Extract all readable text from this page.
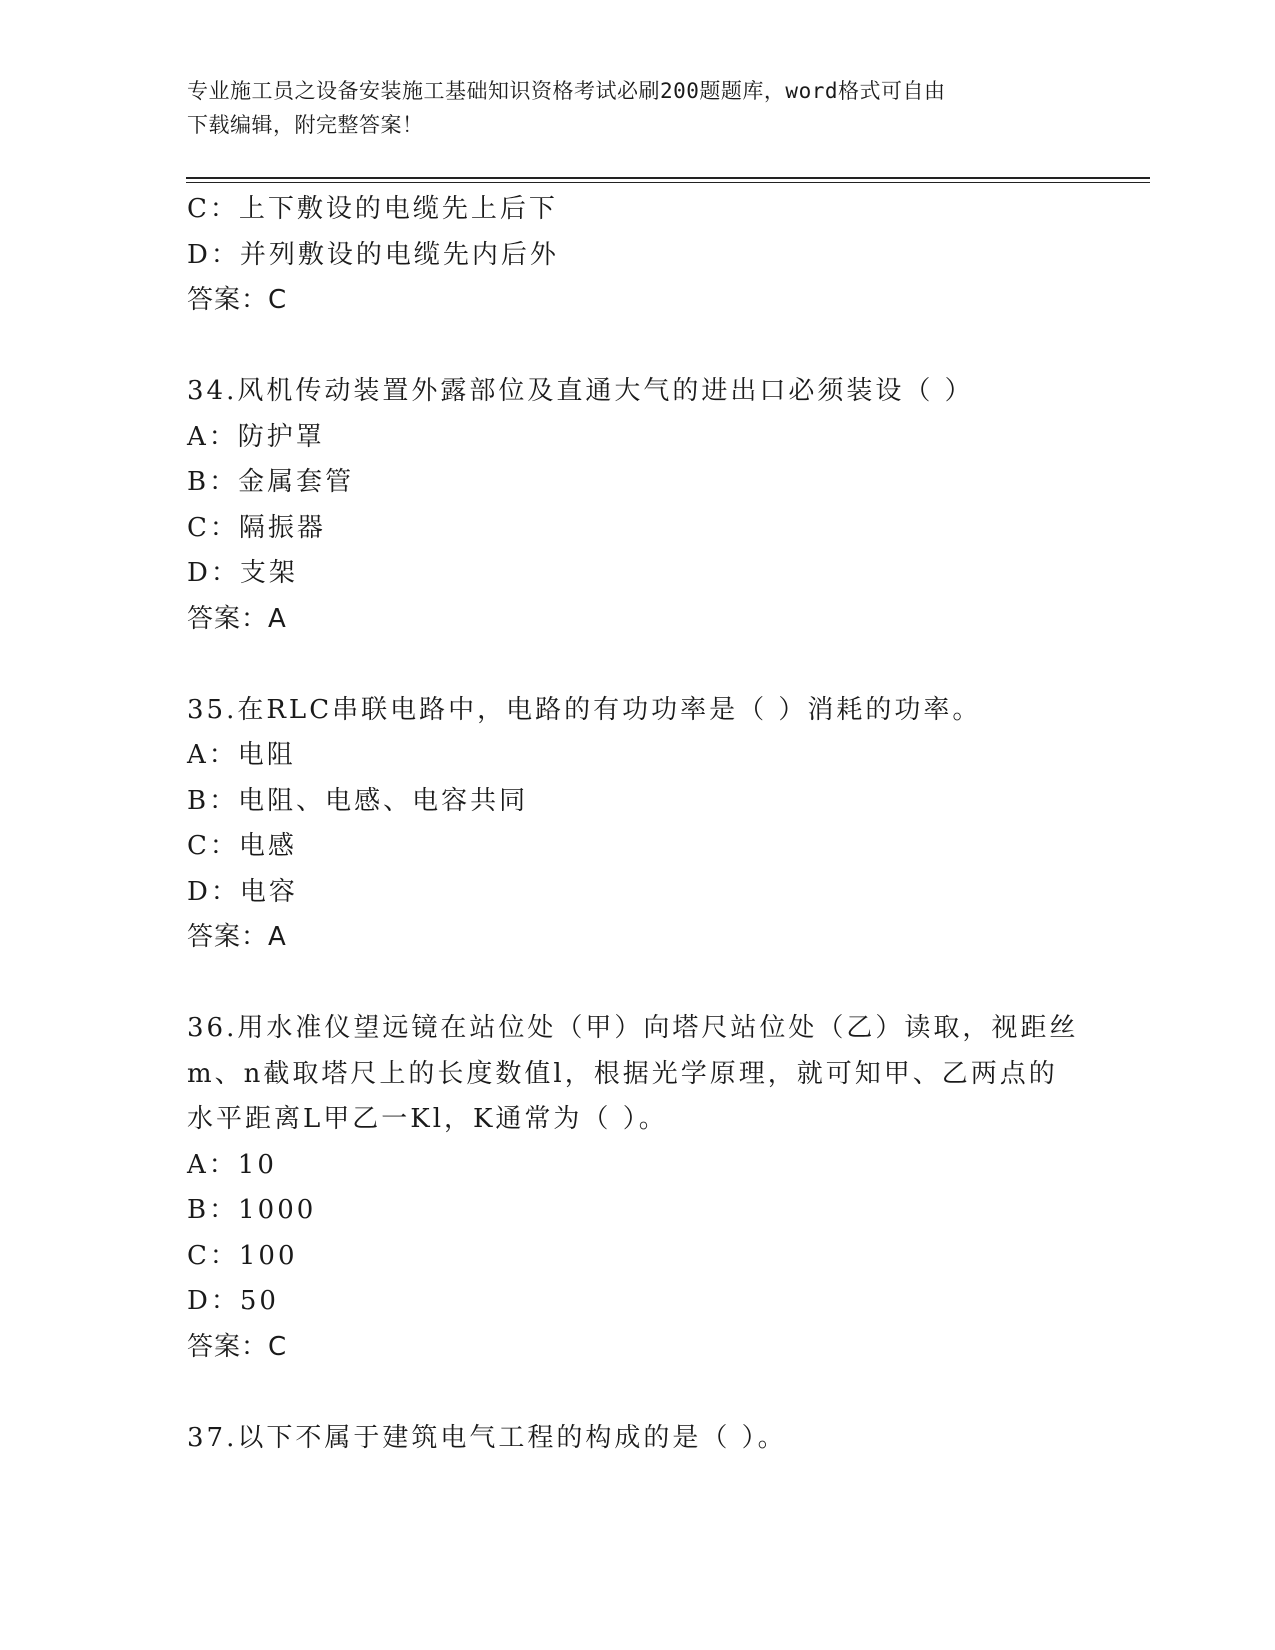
专业施工员之设备安装施工基础知识资格考试必刷200题题库，word格式可自由
下载编辑，附完整答案！
C：上下敷设的电缆先上后下
D：并列敷设的电缆先内后外
答案：C
34.风机传动装置外露部位及直通大气的进出口必须装设（ ）
A：防护罩
B：金属套管
C：隔振器
D：支架
答案：A
35.在RLC串联电路中，电路的有功功率是（ ）消耗的功率。
A：电阻
B：电阻、电感、电容共同
C：电感
D：电容
答案：A
36.用水准仪望远镜在站位处（甲）向塔尺站位处（乙）读取，视距丝
m、n截取塔尺上的长度数值l，根据光学原理，就可知甲、乙两点的
水平距离L甲乙一Kl，K通常为（ ）。
A：10
B：1000
C：100
D：50
答案：C
37.以下不属于建筑电气工程的构成的是（ ）。
